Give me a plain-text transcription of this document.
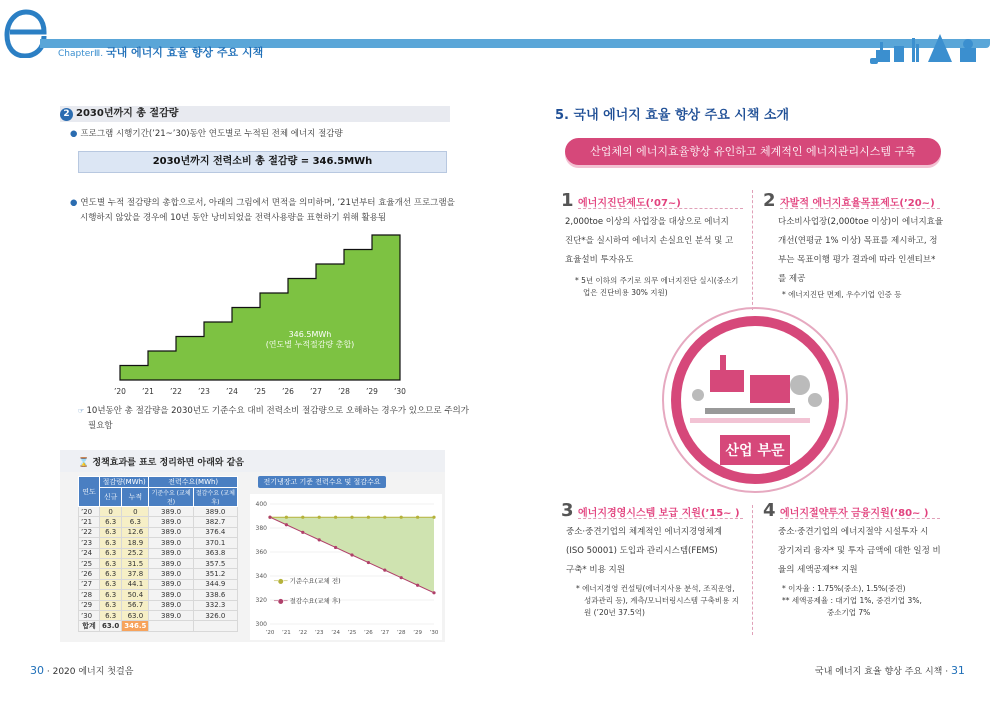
ChapterⅢ. 국내 에너지 효율 향상 주요 시책
2 2030년까지 총 절감량
● 프로그램 시행기간(’21~’30)동안 연도별로 누적된 전체 에너지 절감량
2030년까지 전력소비 총 절감량 = 346.5MWh
● 연도별 누적 절감량의 총합으로서, 아래의 그림에서 면적을 의미하며, ’21년부터 효율개선 프로그램을
시행하지 않았을 경우에 10년 동안 낭비되었을 전력사용량을 표현하기 위해 활용됨
’20 ’21 ’22 ’23 ’24 ’25 ’26 ’27 ’28 ’29 ’30
346.5MWh
(연도별 누적절감량 총합)
☞ 10년동안 총 절감량을 2030년도 기준수요 대비 전력소비 절감량으로 오해하는 경우가 있으므로 주의가
필요함
⌛ 정책효과를 표로 정리하면 아래와 같음
연도	절감량(MWh)		전력수요(MWh)	
	신규	누적	기준수요 (교체 전)	절감수요 (교체 후)
’20	0	0	389.0	389.0
’21	6.3	6.3	389.0	382.7
’22	6.3	12.6	389.0	376.4
’23	6.3	18.9	389.0	370.1
’24	6.3	25.2	389.0	363.8
’25	6.3	31.5	389.0	357.5
’26	6.3	37.8	389.0	351.2
’27	6.3	44.1	389.0	344.9
’28	6.3	50.4	389.0	338.6
’29	6.3	56.7	389.0	332.3
’30	6.3	63.0	389.0	326.0
합계	63.0	346.5		
전기냉장고 기준 전력수요 및 절감수요
400
380
360
340
320
300
’20 ’21 ’22 ’23 ’24 ’25 ’26 ’27 ’28 ’29 ’30
─●─ 기준수요(교체 전)
─●─ 절감수요(교체 후)
5. 국내 에너지 효율 향상 주요 시책 소개
산업체의 에너지효율향상 유인하고 체계적인 에너지관리시스템 구축
1 에너지진단제도(’07~)
2,000toe 이상의 사업장을 대상으로 에너지
진단*을 실시하여 에너지 손실요인 분석 및 고
효율설비 투자유도
* 5년 이하의 주기로 의무 에너지진단 실시(중소기
업은 진단비용 30% 지원)
2 자발적 에너지효율목표제도(’20~)
다소비사업장(2,000toe 이상)이 에너지효율
개선(연평균 1% 이상) 목표를 제시하고, 정
부는 목표이행 평가 결과에 따라 인센티브*
를 제공
* 에너지진단 면제, 우수기업 인증 등
산업 부문
3 에너지경영시스템 보급 지원(’15~ )
중소·중견기업의 체계적인 에너지경영체계
(ISO 50001) 도입과 관리시스템(FEMS)
구축* 비용 지원
* 에너지경영 컨설팅(에너지사용 분석, 조직운영,
성과관리 등), 계측/모니터링시스템 구축비용 지
원 (’20년 37.5억)
4 에너지절약투자 금융지원(’80~ )
중소·중견기업의 에너지절약 시설투자 시
장기저리 융자* 및 투자 금액에 대한 일정 비
율의 세액공제** 지원
* 이자율 : 1.75%(중소), 1.5%(중견)
** 세액공제율 : 대기업 1%, 중견기업 3%,
중소기업 7%
30 · 2020 에너지 첫걸음	국내 에너지 효율 향상 주요 시책 · 31
